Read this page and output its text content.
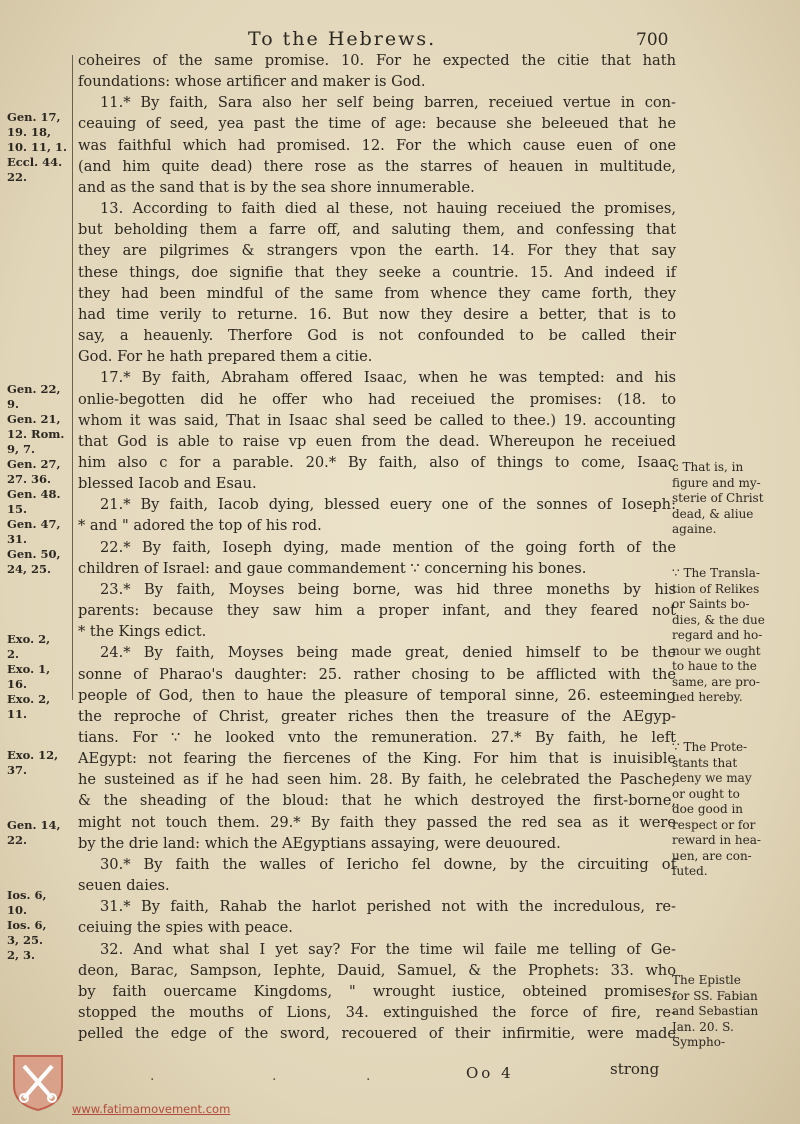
To the Hebrews.	700
coheires of the same promise. 10. For he expected the citie that hath
foundations: whose artificer and maker is God.
11.* By faith, Sara also her self being barren, receiued vertue in con-
ceauing of seed, yea past the time of age: because she beleeued that he
was faithful which had promised. 12. For the which cause euen of one
(and him quite dead) there rose as the starres of heauen in multitude,
and as the sand that is by the sea shore innumerable.
13. According to faith died al these, not hauing receiued the promises,
but beholding them a farre off, and saluting them, and confessing that
they are pilgrimes & strangers vpon the earth. 14. For they that say
these things, doe signifie that they seeke a countrie. 15. And indeed if
they had been mindful of the same from whence they came forth, they
had time verily to returne. 16. But now they desire a better, that is to
say, a heauenly. Therfore God is not confounded to be called their
God. For he hath prepared them a citie.
17.* By faith, Abraham offered Isaac, when he was tempted: and his
onlie-begotten did he offer who had receiued the promises: (18. to
whom it was said, That in Isaac shal seed be called to thee.) 19. accounting
that God is able to raise vp euen from the dead. Whereupon he receiued
him also c for a parable. 20.* By faith, also of things to come, Isaac
blessed Iacob and Esau.
21.* By faith, Iacob dying, blessed euery one of the sonnes of Ioseph:
* and " adored the top of his rod.
22.* By faith, Ioseph dying, made mention of the going forth of the
children of Israel: and gaue commandement ∵ concerning his bones.
23.* By faith, Moyses being borne, was hid three moneths by his
parents: because they saw him a proper infant, and they feared not
* the Kings edict.
24.* By faith, Moyses being made great, denied himself to be the
sonne of Pharao's daughter: 25. rather chosing to be afflicted with the
people of God, then to haue the pleasure of temporal sinne, 26. esteeming
the reproche of Christ, greater riches then the treasure of the AEgyp-
tians. For ∵ he looked vnto the remuneration. 27.* By faith, he left
AEgypt: not fearing the fiercenes of the King. For him that is inuisible
he susteined as if he had seen him. 28. By faith, he celebrated the Pasche,
& the sheading of the bloud: that he which destroyed the first-borne,
might not touch them. 29.* By faith they passed the red sea as it were
by the drie land: which the AEgyptians assaying, were deuoured.
30.* By faith the walles of Iericho fel downe, by the circuiting of
seuen daies.
31.* By faith, Rahab the harlot perished not with the incredulous, re-
ceiuing the spies with peace.
32. And what shal I yet say? For the time wil faile me telling of Ge-
deon, Barac, Sampson, Iephte, Dauid, Samuel, & the Prophets: 33. who
by faith ouercame Kingdoms, " wrought iustice, obteined promises,
stopped the mouths of Lions, 34. extinguished the force of fire, re-
pelled the edge of the sword, recouered of their infirmitie, were made
Gen. 17,
19. 18,
10. 11, 1.
Eccl. 44.
22.
Gen. 22,
9.
Gen. 21,
12. Rom.
9, 7.
Gen. 27,
27. 36.
Gen. 48.
15.
Gen. 47,
31.
Gen. 50,
24, 25.
Exo. 2,
2.
Exo. 1,
16.
Exo. 2,
11.
Exo. 12,
37.
Gen. 14,
22.
Ios. 6,
10.
Ios. 6,
3, 25.
2, 3.
c That is, in
figure and my-
sterie of Christ
dead, & aliue
againe.
∵ The Transla-
tion of Relikes
or Saints bo-
dies, & the due
regard and ho-
nour we ought
to haue to the
same, are pro-
ued hereby.
∵ The Prote-
stants that
deny we may
or ought to
doe good in
respect or for
reward in hea-
uen, are con-
futed.
The Epistle
for SS. Fabian
and Sebastian
Ian. 20. S.
Sympho-
.	.	.	Oo 4	strong
www.fatimamovement.com
